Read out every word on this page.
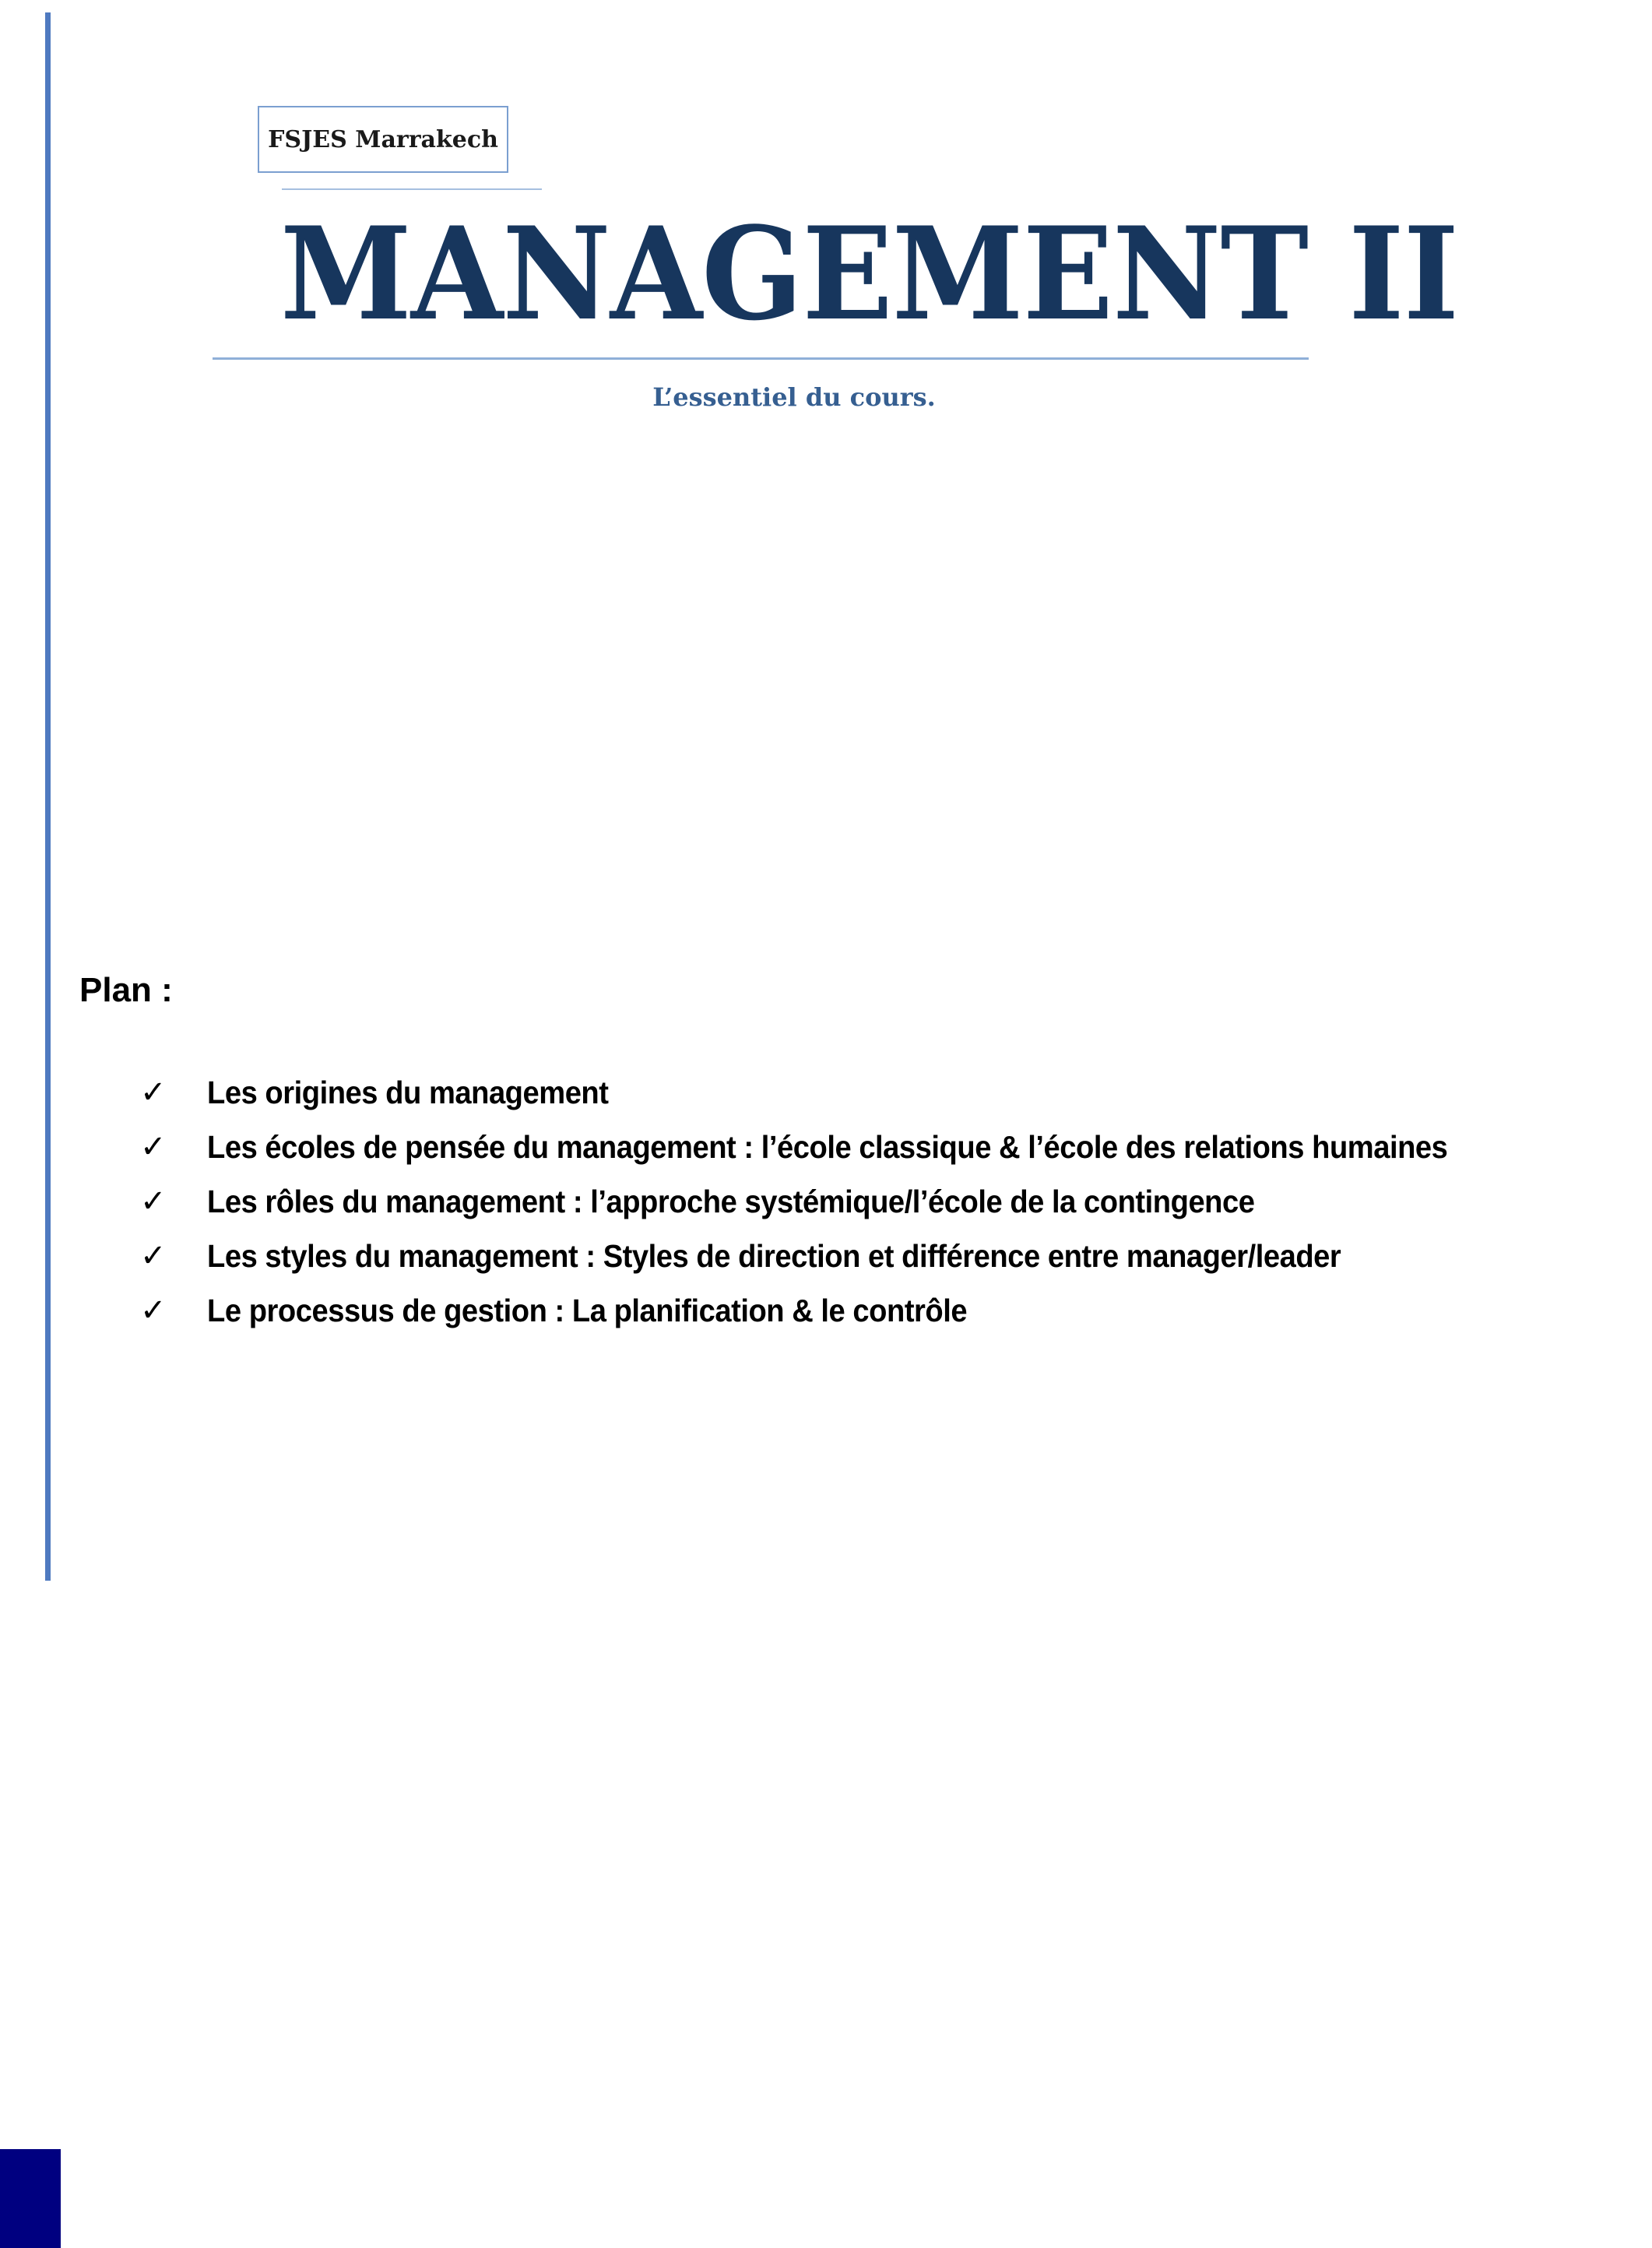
FSJES Marrakech
MANAGEMENT II
L’essentiel du cours.
Plan :
✓	Les origines du management
✓	Les écoles de pensée du management : l’école classique & l’école des relations humaines
✓	Les rôles du management : l’approche systémique/l’école de la contingence
✓	Les styles du management : Styles de direction et différence entre manager/leader
✓	Le processus de gestion : La planification & le contrôle
